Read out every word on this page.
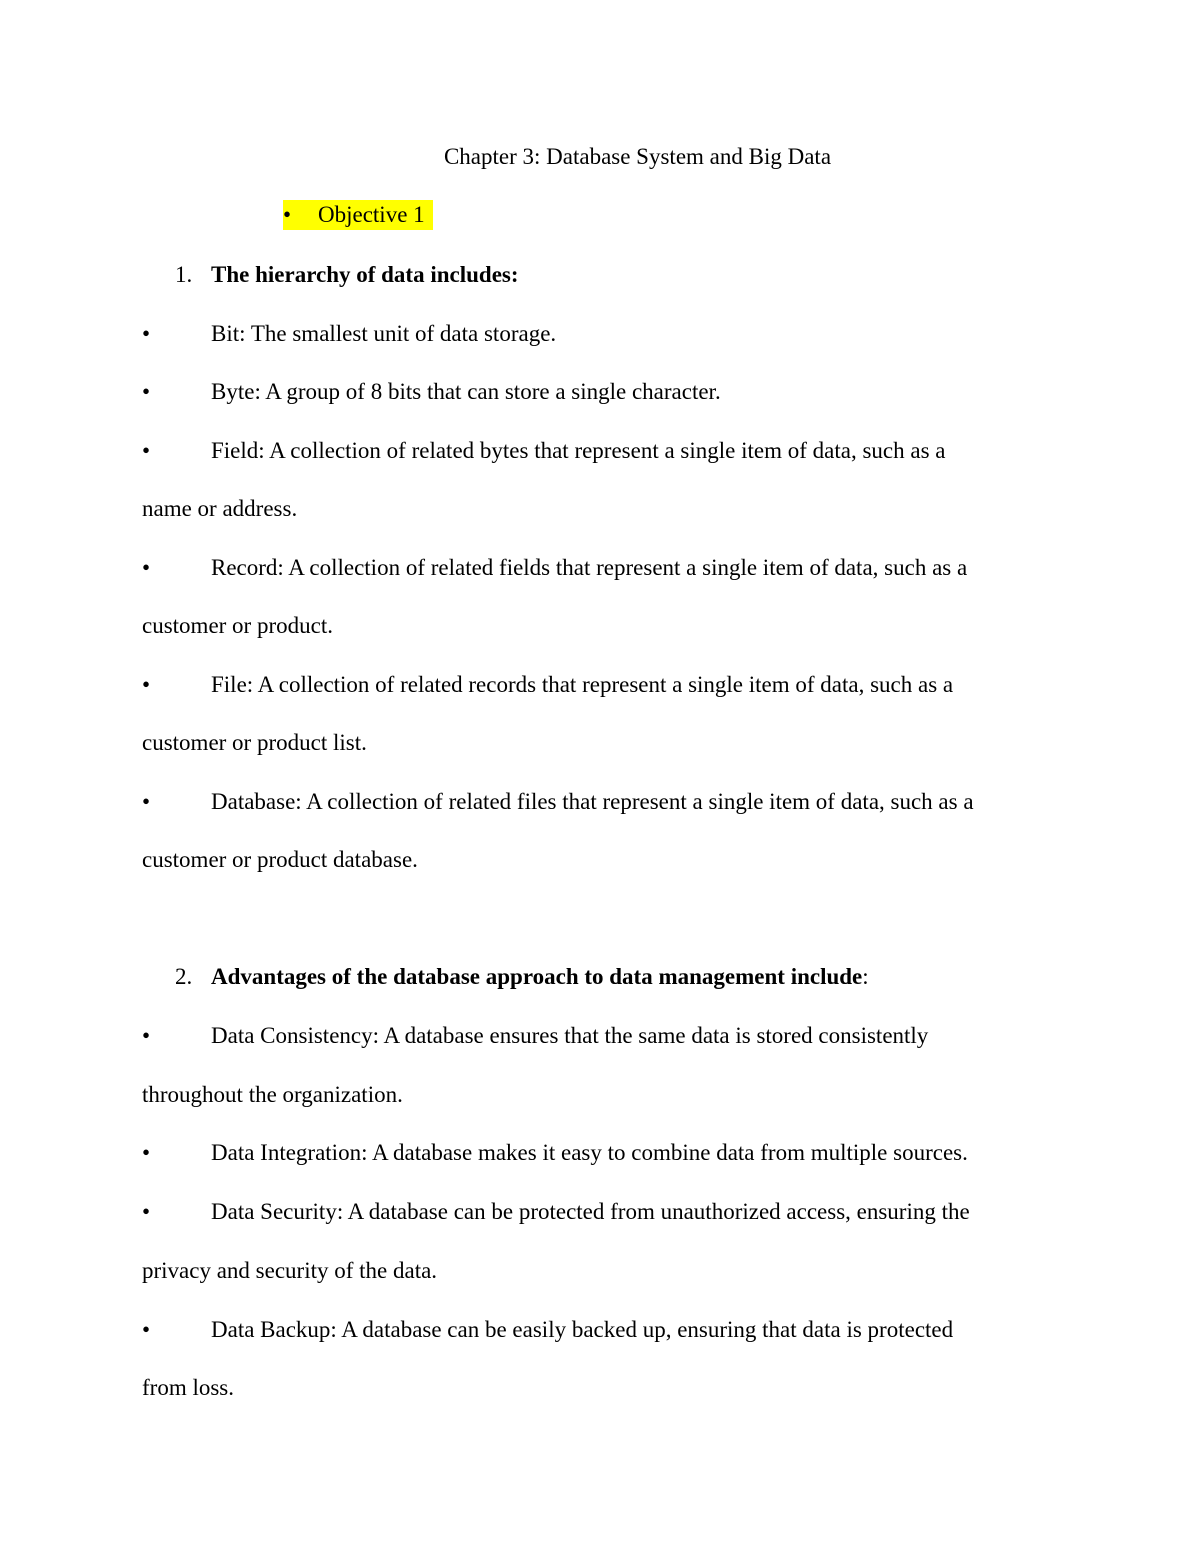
Chapter 3: Database System and Big Data
• Objective 1
1. The hierarchy of data includes:
•	Bit: The smallest unit of data storage.
•	Byte: A group of 8 bits that can store a single character.
•	Field: A collection of related bytes that represent a single item of data, such as a
name or address.
•	Record: A collection of related fields that represent a single item of data, such as a
customer or product.
•	File: A collection of related records that represent a single item of data, such as a
customer or product list.
•	Database: A collection of related files that represent a single item of data, such as a
customer or product database.
2. Advantages of the database approach to data management include:
•	Data Consistency: A database ensures that the same data is stored consistently
throughout the organization.
•	Data Integration: A database makes it easy to combine data from multiple sources.
•	Data Security: A database can be protected from unauthorized access, ensuring the
privacy and security of the data.
•	Data Backup: A database can be easily backed up, ensuring that data is protected
from loss.
